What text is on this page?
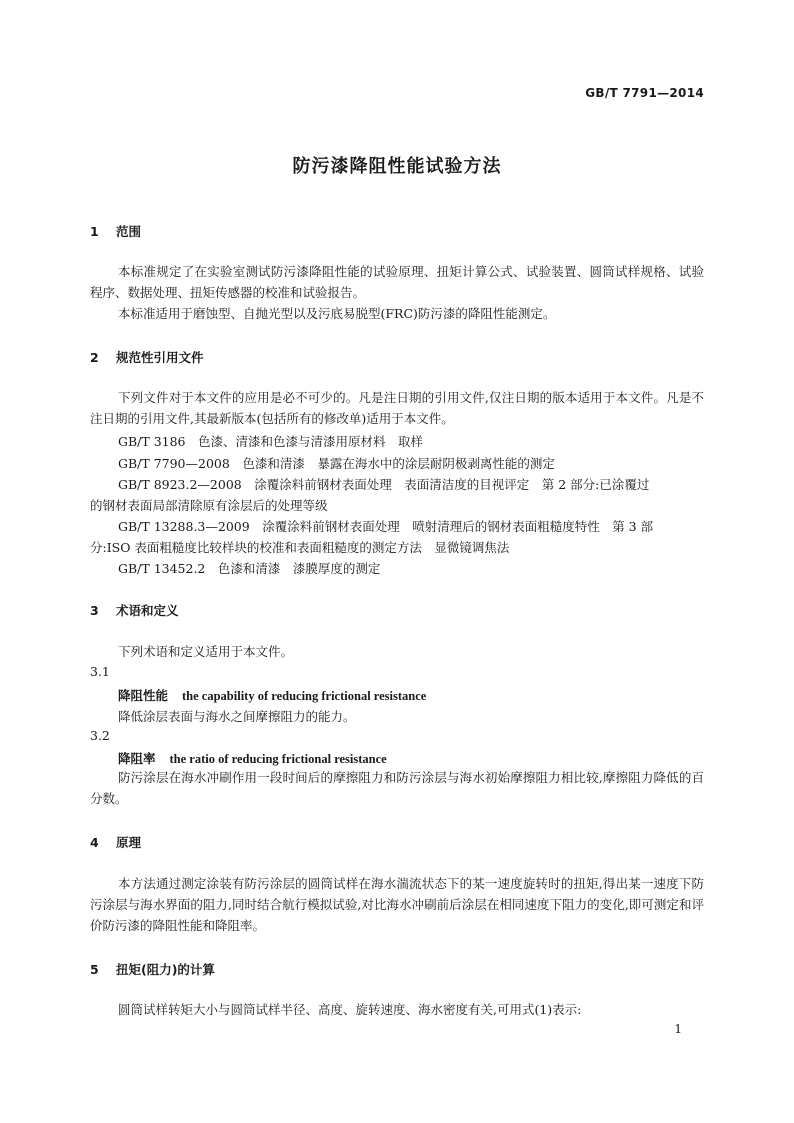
GB/T 7791—2014
防污漆降阻性能试验方法
1 范围
本标准规定了在实验室测试防污漆降阻性能的试验原理、扭矩计算公式、试验装置、圆筒试样规格、试验程序、数据处理、扭矩传感器的校准和试验报告。
本标准适用于磨蚀型、自抛光型以及污底易脱型(FRC)防污漆的降阻性能测定。
2 规范性引用文件
下列文件对于本文件的应用是必不可少的。凡是注日期的引用文件,仅注日期的版本适用于本文件。凡是不注日期的引用文件,其最新版本(包括所有的修改单)适用于本文件。
GB/T 3186　色漆、清漆和色漆与清漆用原材料　取样
GB/T 7790—2008　色漆和清漆　暴露在海水中的涂层耐阴极剥离性能的测定
GB/T 8923.2—2008　涂覆涂料前钢材表面处理　表面清洁度的目视评定　第 2 部分:已涂覆过
的钢材表面局部清除原有涂层后的处理等级
GB/T 13288.3—2009　涂覆涂料前钢材表面处理　喷射清理后的钢材表面粗糙度特性　第 3 部
分:ISO 表面粗糙度比较样块的校准和表面粗糙度的测定方法　显微镜调焦法
GB/T 13452.2　色漆和清漆　漆膜厚度的测定
3 术语和定义
下列术语和定义适用于本文件。
3.1
降阻性能 the capability of reducing frictional resistance
降低涂层表面与海水之间摩擦阻力的能力。
3.2
降阻率 the ratio of reducing frictional resistance
防污涂层在海水冲刷作用一段时间后的摩擦阻力和防污涂层与海水初始摩擦阻力相比较,摩擦阻力降低的百分数。
4 原理
本方法通过测定涂装有防污涂层的圆筒试样在海水湍流状态下的某一速度旋转时的扭矩,得出某一速度下防污涂层与海水界面的阻力,同时结合航行模拟试验,对比海水冲刷前后涂层在相同速度下阻力的变化,即可测定和评价防污漆的降阻性能和降阻率。
5 扭矩(阻力)的计算
圆筒试样转矩大小与圆筒试样半径、高度、旋转速度、海水密度有关,可用式(1)表示:
1
